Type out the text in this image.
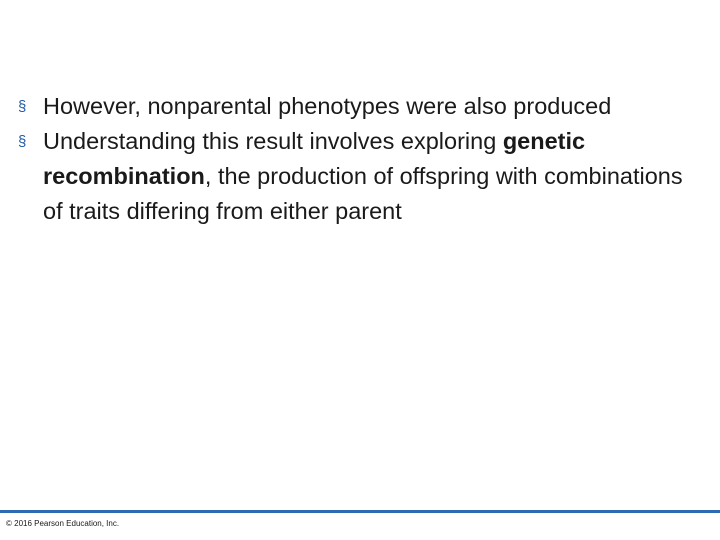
§ However, nonparental phenotypes were also produced
§ Understanding this result involves exploring genetic recombination, the production of offspring with combinations of traits differing from either parent
© 2016 Pearson Education, Inc.
